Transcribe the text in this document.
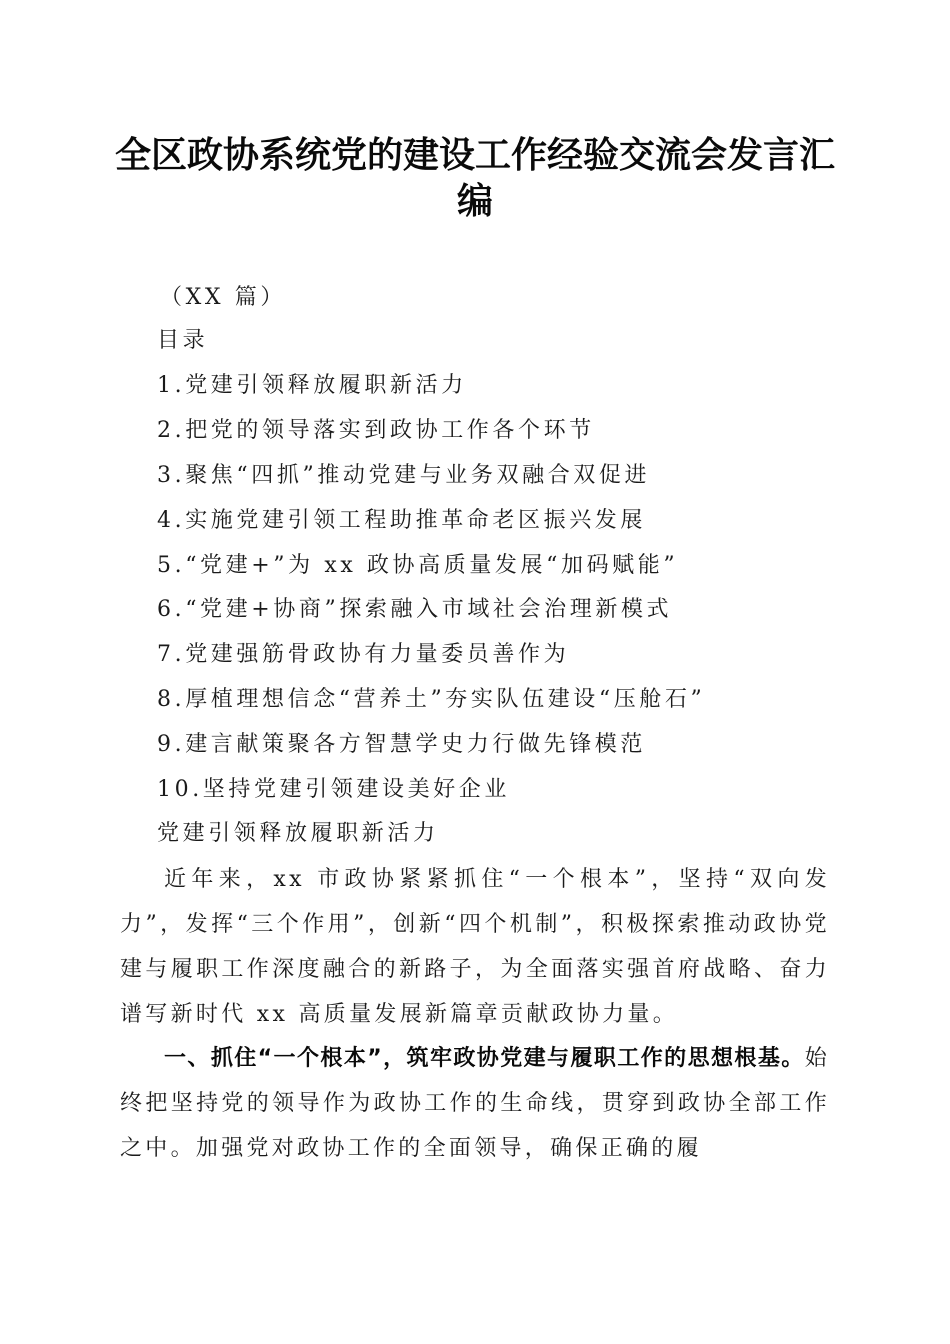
全区政协系统党的建设工作经验交流会发言汇编
（XX 篇）
目录
1.党建引领释放履职新活力
2.把党的领导落实到政协工作各个环节
3.聚焦“四抓”推动党建与业务双融合双促进
4.实施党建引领工程助推革命老区振兴发展
5.“党建+”为 xx 政协高质量发展“加码赋能”
6.“党建+协商”探索融入市域社会治理新模式
7.党建强筋骨政协有力量委员善作为
8.厚植理想信念“营养土”夯实队伍建设“压舱石”
9.建言献策聚各方智慧学史力行做先锋模范
10.坚持党建引领建设美好企业
党建引领释放履职新活力
近年来，xx 市政协紧紧抓住“一个根本”，坚持“双向发力”，发挥“三个作用”，创新“四个机制”，积极探索推动政协党建与履职工作深度融合的新路子，为全面落实强首府战略、奋力谱写新时代 xx 高质量发展新篇章贡献政协力量。
一、抓住“一个根本”，筑牢政协党建与履职工作的思想根基。始终把坚持党的领导作为政协工作的生命线，贯穿到政协全部工作之中。加强党对政协工作的全面领导，确保正确的履
